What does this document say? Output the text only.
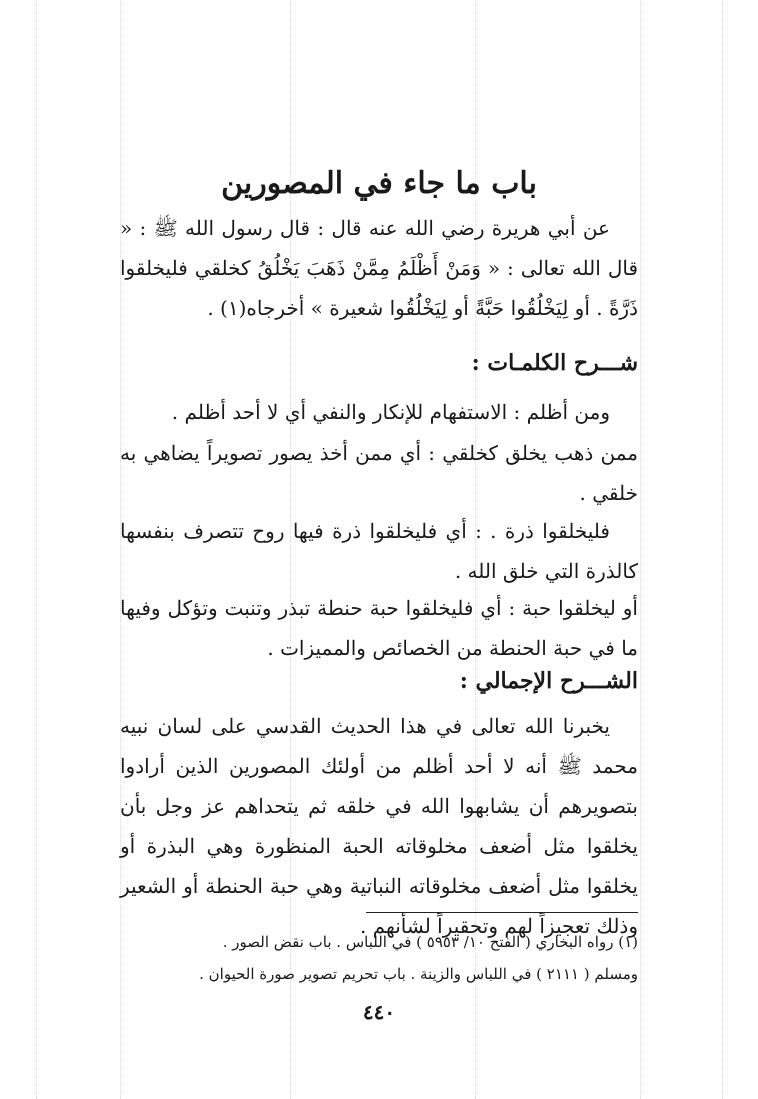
باب ما جاء في المصورين
عن أبي هريرة رضي الله عنه قال : قال رسول الله ﷺ : « قال الله تعالى : « وَمَنْ أَظْلَمُ مِمَّنْ ذَهَبَ يَخْلُقُ كخلقي فليخلقوا ذَرَّةً . أو لِيَخْلُقُوا حَبَّةً أو لِيَخْلُقُوا شعيرة » أخرجاه(١) .
شـــرح الكلمـات :
ومن أظلم : الاستفهام للإنكار والنفي أي لا أحد أظلم .
ممن ذهب يخلق كخلقي : أي ممن أخذ يصور تصويراً يضاهي به خلقي .
فليخلقوا ذرة . : أي فليخلقوا ذرة فيها روح تتصرف بنفسها كالذرة التي خلق الله .
أو ليخلقوا حبة : أي فليخلقوا حبة حنطة تبذر وتنبت وتؤكل وفيها ما في حبة الحنطة من الخصائص والمميزات .
الشـــرح الإجمالي :
يخبرنا الله تعالى في هذا الحديث القدسي على لسان نبيه محمد ﷺ أنه لا أحد أظلم من أولئك المصورين الذين أرادوا بتصويرهم أن يشابهوا الله في خلقه ثم يتحداهم عز وجل بأن يخلقوا مثل أضعف مخلوقاته الحبة المنظورة وهي البذرة أو يخلقوا مثل أضعف مخلوقاته النباتية وهي حبة الحنطة أو الشعير وذلك تعجيزاً لهم وتحقيراً لشأنهم .
(١) رواه البخاري ( الفتح ١٠/ ٥٩٥٣ ) في اللباس . باب نقض الصور .
ومسلم ( ٢١١١ ) في اللباس والزينة . باب تحريم تصوير صورة الحيوان .
٤٤٠
